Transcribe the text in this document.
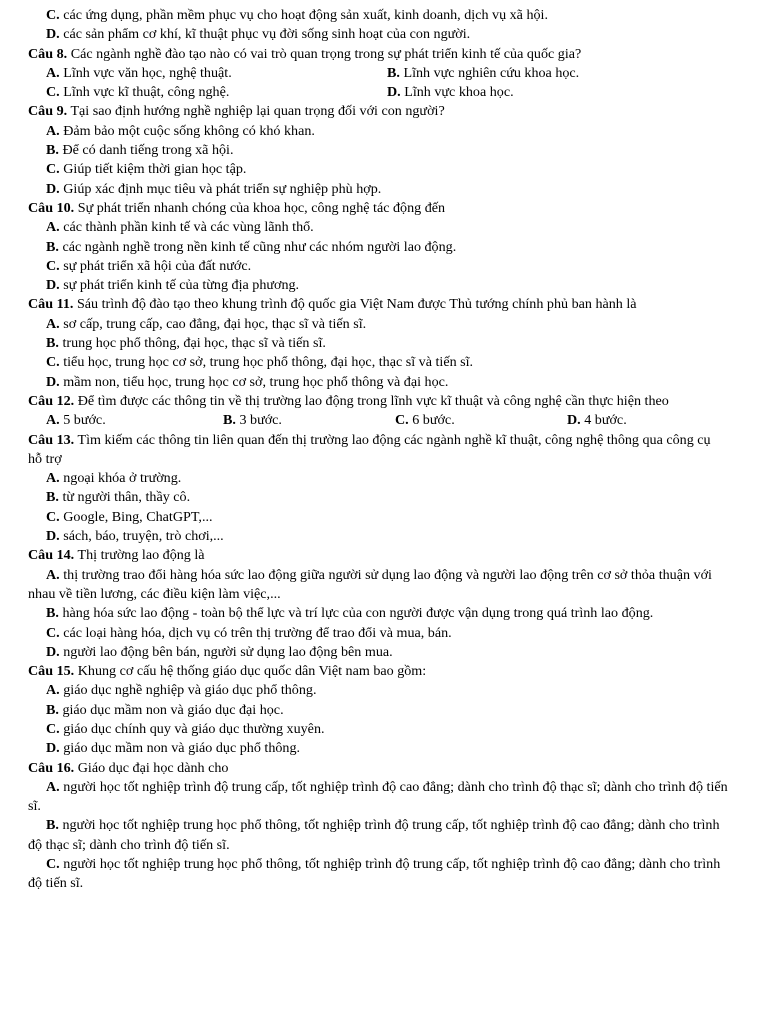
C. các ứng dụng, phần mềm phục vụ cho hoạt động sản xuất, kinh doanh, dịch vụ xã hội.
D. các sản phẩm cơ khí, kĩ thuật phục vụ đời sống sinh hoạt của con người.
Câu 8. Các ngành nghề đào tạo nào có vai trò quan trọng trong sự phát triển kinh tế của quốc gia?
A. Lĩnh vực văn học, nghệ thuật.	B. Lĩnh vực nghiên cứu khoa học.
C. Lĩnh vực kĩ thuật, công nghệ.	D. Lĩnh vực khoa học.
Câu 9. Tại sao định hướng nghề nghiệp lại quan trọng đối với con người?
A. Đảm bảo một cuộc sống không có khó khan.
B. Để có danh tiếng trong xã hội.
C. Giúp tiết kiệm thời gian học tập.
D. Giúp xác định mục tiêu và phát triển sự nghiệp phù hợp.
Câu 10. Sự phát triển nhanh chóng của khoa học, công nghệ tác động đến
A. các thành phần kinh tế và các vùng lãnh thổ.
B. các ngành nghề trong nền kinh tế cũng như các nhóm người lao động.
C. sự phát triển xã hội của đất nước.
D. sự phát triển kinh tế của từng địa phương.
Câu 11. Sáu trình độ đào tạo theo khung trình độ quốc gia Việt Nam được Thủ tướng chính phủ ban hành là
A. sơ cấp, trung cấp, cao đẳng, đại học, thạc sĩ và tiến sĩ.
B. trung học phổ thông, đại học, thạc sĩ và tiến sĩ.
C. tiểu học, trung học cơ sở, trung học phổ thông, đại học, thạc sĩ và tiến sĩ.
D. mầm non, tiểu học, trung học cơ sở, trung học phổ thông và đại học.
Câu 12. Để tìm được các thông tin về thị trường lao động trong lĩnh vực kĩ thuật và công nghệ cần thực hiện theo
A. 5 bước.	B. 3 bước.	C. 6 bước.	D. 4 bước.
Câu 13. Tìm kiếm các thông tin liên quan đến thị trường lao động các ngành nghề kĩ thuật, công nghệ thông qua công cụ hỗ trợ
A. ngoại khóa ở trường.
B. từ người thân, thầy cô.
C. Google, Bing, ChatGPT,...
D. sách, báo, truyện, trò chơi,...
Câu 14. Thị trường lao động là
A. thị trường trao đổi hàng hóa sức lao động giữa người sử dụng lao động và người lao động trên cơ sở thỏa thuận với nhau về tiền lương, các điều kiện làm việc,...
B. hàng hóa sức lao động - toàn bộ thể lực và trí lực của con người được vận dụng trong quá trình lao động.
C. các loại hàng hóa, dịch vụ có trên thị trường để trao đổi và mua, bán.
D. người lao động bên bán, người sử dụng lao động bên mua.
Câu 15. Khung cơ cấu hệ thống giáo dục quốc dân Việt nam bao gồm:
A. giáo dục nghề nghiệp và giáo dục phổ thông.
B. giáo dục mầm non và giáo dục đại học.
C. giáo dục chính quy và giáo dục thường xuyên.
D. giáo dục mầm non và giáo dục phổ thông.
Câu 16. Giáo dục đại học dành cho
A. người học tốt nghiệp trình độ trung cấp, tốt nghiệp trình độ cao đẳng; dành cho trình độ thạc sĩ; dành cho trình độ tiến sĩ.
B. người học tốt nghiệp trung học phổ thông, tốt nghiệp trình độ trung cấp, tốt nghiệp trình độ cao đẳng; dành cho trình độ thạc sĩ; dành cho trình độ tiến sĩ.
C. người học tốt nghiệp trung học phổ thông, tốt nghiệp trình độ trung cấp, tốt nghiệp trình độ cao đẳng; dành cho trình độ tiến sĩ.
